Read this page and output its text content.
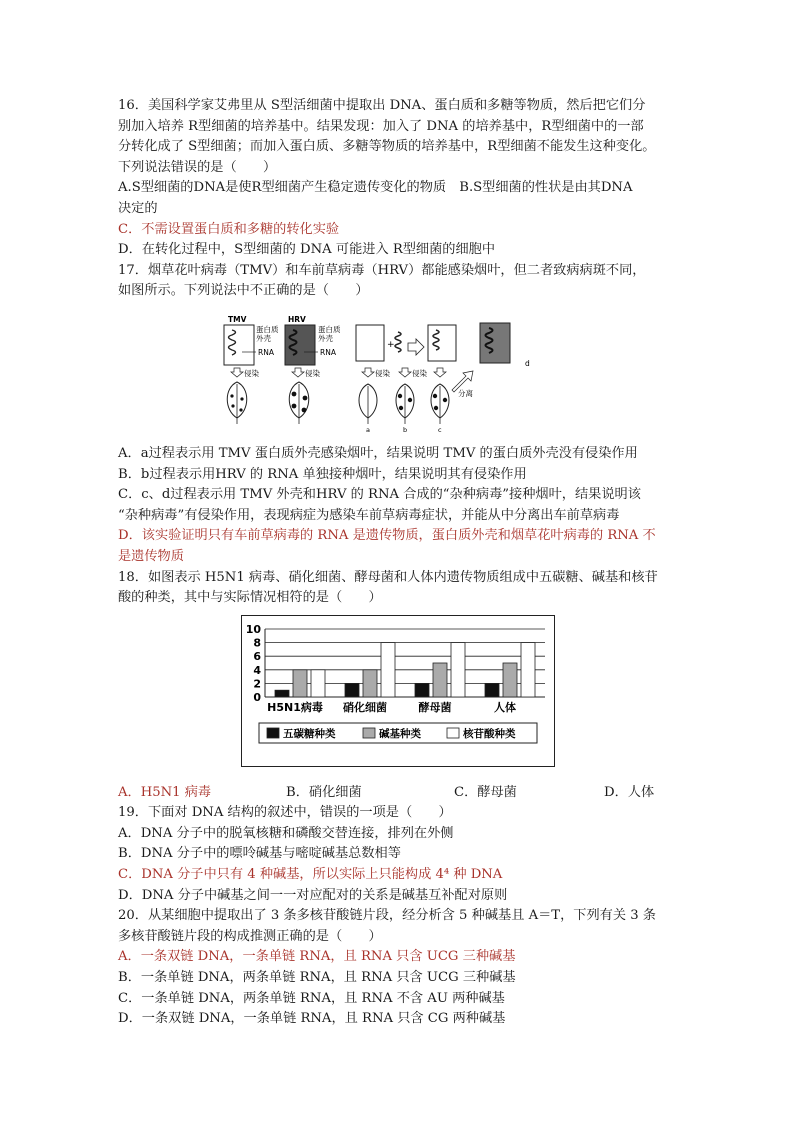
16．美国科学家艾弗里从 S型活细菌中提取出 DNA、蛋白质和多糖等物质，然后把它们分
别加入培养 R型细菌的培养基中。结果发现：加入了 DNA 的培养基中，R型细菌中的一部
分转化成了 S型细菌；而加入蛋白质、多糖等物质的培养基中，R型细菌不能发生这种变化。
下列说法错误的是（　　）
A.S型细菌的DNA是使R型细菌产生稳定遗传变化的物质　B.S型细菌的性状是由其DNA
决定的
C．不需设置蛋白质和多糖的转化实验
D．在转化过程中，S型细菌的 DNA 可能进入 R型细菌的细胞中
17．烟草花叶病毒（TMV）和车前草病毒（HRV）都能感染烟叶，但二者致病病斑不同，
如图所示。下列说法中不正确的是（　　）
TMV
蛋白质
外壳
RNA
HRV
蛋白质
外壳
RNA
+
d
侵染	侵染	侵染	侵染
分离
a	b	c
A．a过程表示用 TMV 蛋白质外壳感染烟叶，结果说明 TMV 的蛋白质外壳没有侵染作用
B．b过程表示用HRV 的 RNA 单独接种烟叶，结果说明其有侵染作用
C．c、d过程表示用 TMV 外壳和HRV 的 RNA 合成的“杂种病毒”接种烟叶，结果说明该
“杂种病毒”有侵染作用，表现病症为感染车前草病毒症状，并能从中分离出车前草病毒
D．该实验证明只有车前草病毒的 RNA 是遗传物质，蛋白质外壳和烟草花叶病毒的 RNA 不
是遗传物质
18．如图表示 H5N1 病毒、硝化细菌、酵母菌和人体内遗传物质组成中五碳糖、碱基和核苷
酸的种类，其中与实际情况相符的是（　　）
0
2
4
6
8
10
H5N1病毒 硝化细菌	酵母菌	人体
五碳糖种类	碱基种类	核苷酸种类
A．H5N1 病毒	B．硝化细菌	C．酵母菌	D．人体
19．下面对 DNA 结构的叙述中，错误的一项是（　　）
A．DNA 分子中的脱氧核糖和磷酸交替连接，排列在外侧
B．DNA 分子中的嘌呤碱基与嘧啶碱基总数相等
C．DNA 分子中只有 4 种碱基，所以实际上只能构成 4⁴ 种 DNA
D．DNA 分子中碱基之间一一对应配对的关系是碱基互补配对原则
20．从某细胞中提取出了 3 条多核苷酸链片段，经分析含 5 种碱基且 A＝T，下列有关 3 条
多核苷酸链片段的构成推测正确的是（　　）
A．一条双链 DNA，一条单链 RNA，且 RNA 只含 UCG 三种碱基
B．一条单链 DNA，两条单链 RNA，且 RNA 只含 UCG 三种碱基
C．一条单链 DNA，两条单链 RNA，且 RNA 不含 AU 两种碱基
D．一条双链 DNA，一条单链 RNA，且 RNA 只含 CG 两种碱基
